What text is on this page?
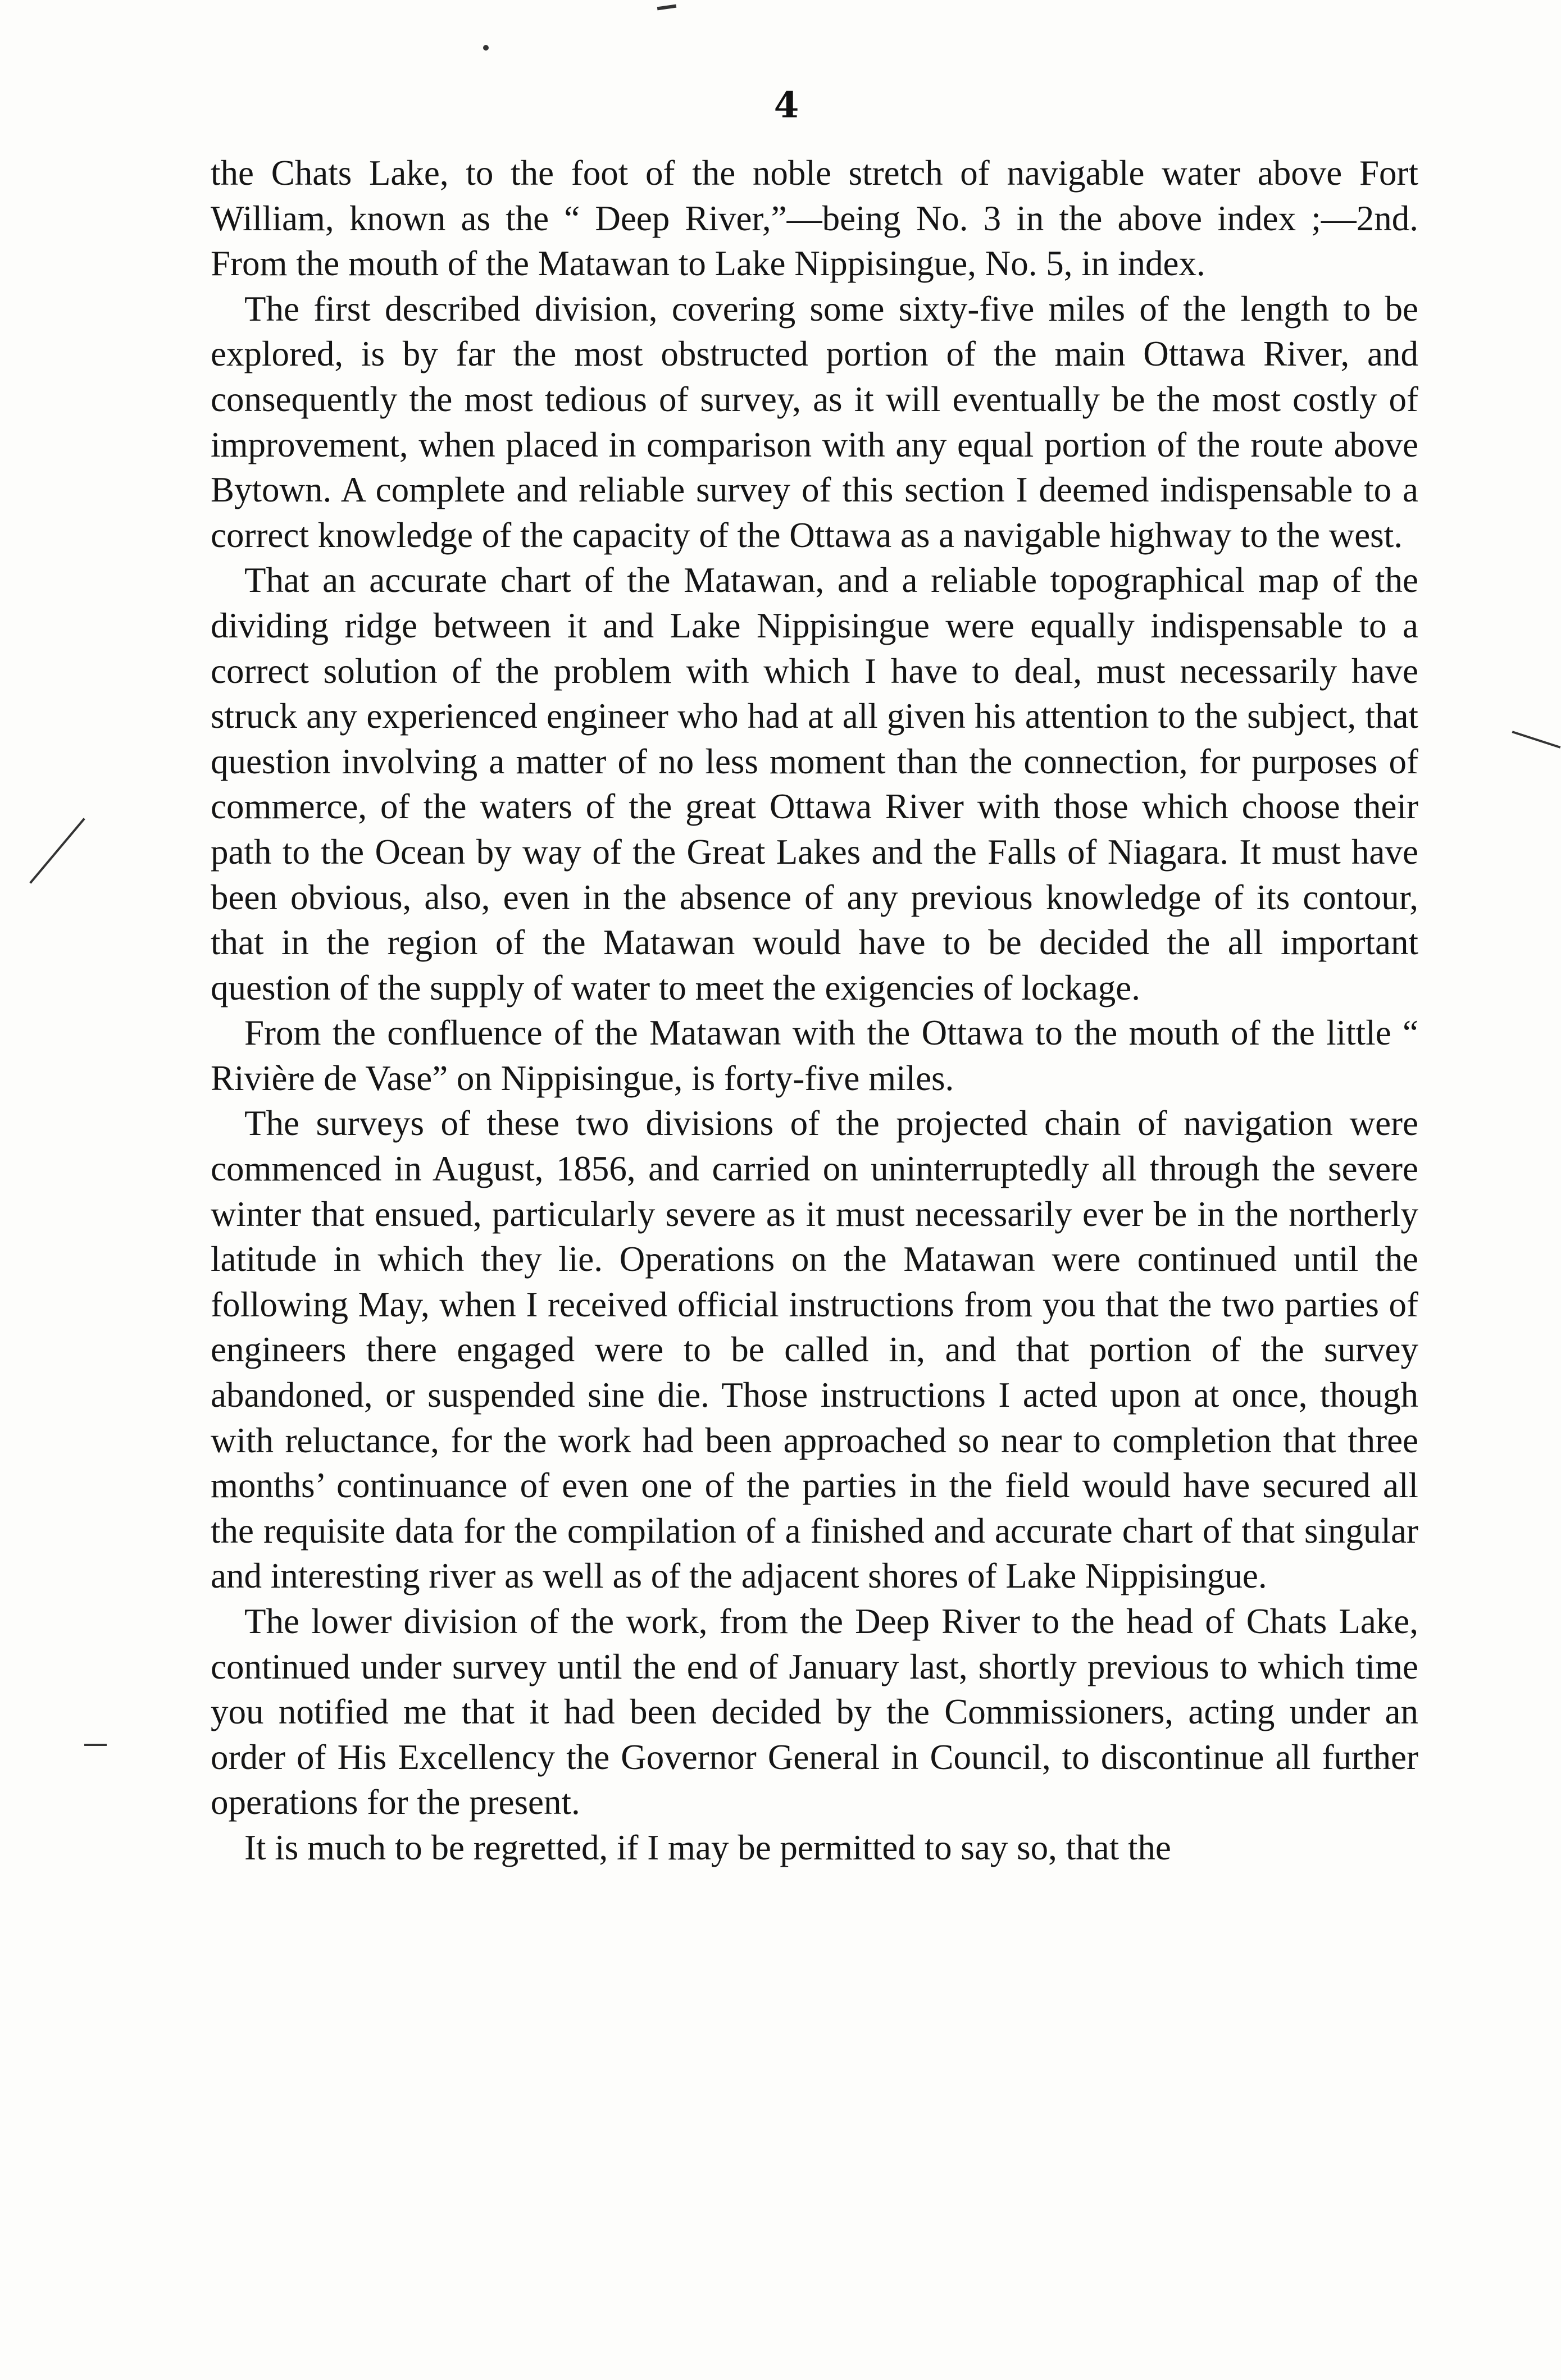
4

the Chats Lake, to the foot of the noble stretch of navigable water above Fort William, known as the “ Deep River,”—being No. 3 in the above index ;—2nd. From the mouth of the Matawan to Lake Nippisingue, No. 5, in index.

The first described division, covering some sixty-five miles of the length to be explored, is by far the most obstructed portion of the main Ottawa River, and consequently the most tedious of survey, as it will eventually be the most costly of improvement, when placed in comparison with any equal portion of the route above Bytown. A complete and reliable survey of this section I deemed indispensable to a correct knowledge of the capacity of the Ottawa as a navigable highway to the west.

That an accurate chart of the Matawan, and a reliable topographical map of the dividing ridge between it and Lake Nippisingue were equally indispensable to a correct solution of the problem with which I have to deal, must necessarily have struck any experienced engineer who had at all given his attention to the subject, that question involving a matter of no less moment than the connection, for purposes of commerce, of the waters of the great Ottawa River with those which choose their path to the Ocean by way of the Great Lakes and the Falls of Niagara. It must have been obvious, also, even in the absence of any previous knowledge of its contour, that in the region of the Matawan would have to be decided the all important question of the supply of water to meet the exigencies of lockage.

From the confluence of the Matawan with the Ottawa to the mouth of the little “ Rivière de Vase” on Nippisingue, is forty-five miles.

The surveys of these two divisions of the projected chain of navigation were commenced in August, 1856, and carried on uninterruptedly all through the severe winter that ensued, particularly severe as it must necessarily ever be in the northerly latitude in which they lie. Operations on the Matawan were continued until the following May, when I received official instructions from you that the two parties of engineers there engaged were to be called in, and that portion of the survey abandoned, or suspended sine die. Those instructions I acted upon at once, though with reluctance, for the work had been approached so near to completion that three months’ continuance of even one of the parties in the field would have secured all the requisite data for the compilation of a finished and accurate chart of that singular and interesting river as well as of the adjacent shores of Lake Nippisingue.

The lower division of the work, from the Deep River to the head of Chats Lake, continued under survey until the end of January last, shortly previous to which time you notified me that it had been decided by the Commissioners, acting under an order of His Excellency the Governor General in Council, to discontinue all further operations for the present.

It is much to be regretted, if I may be permitted to say so, that the
